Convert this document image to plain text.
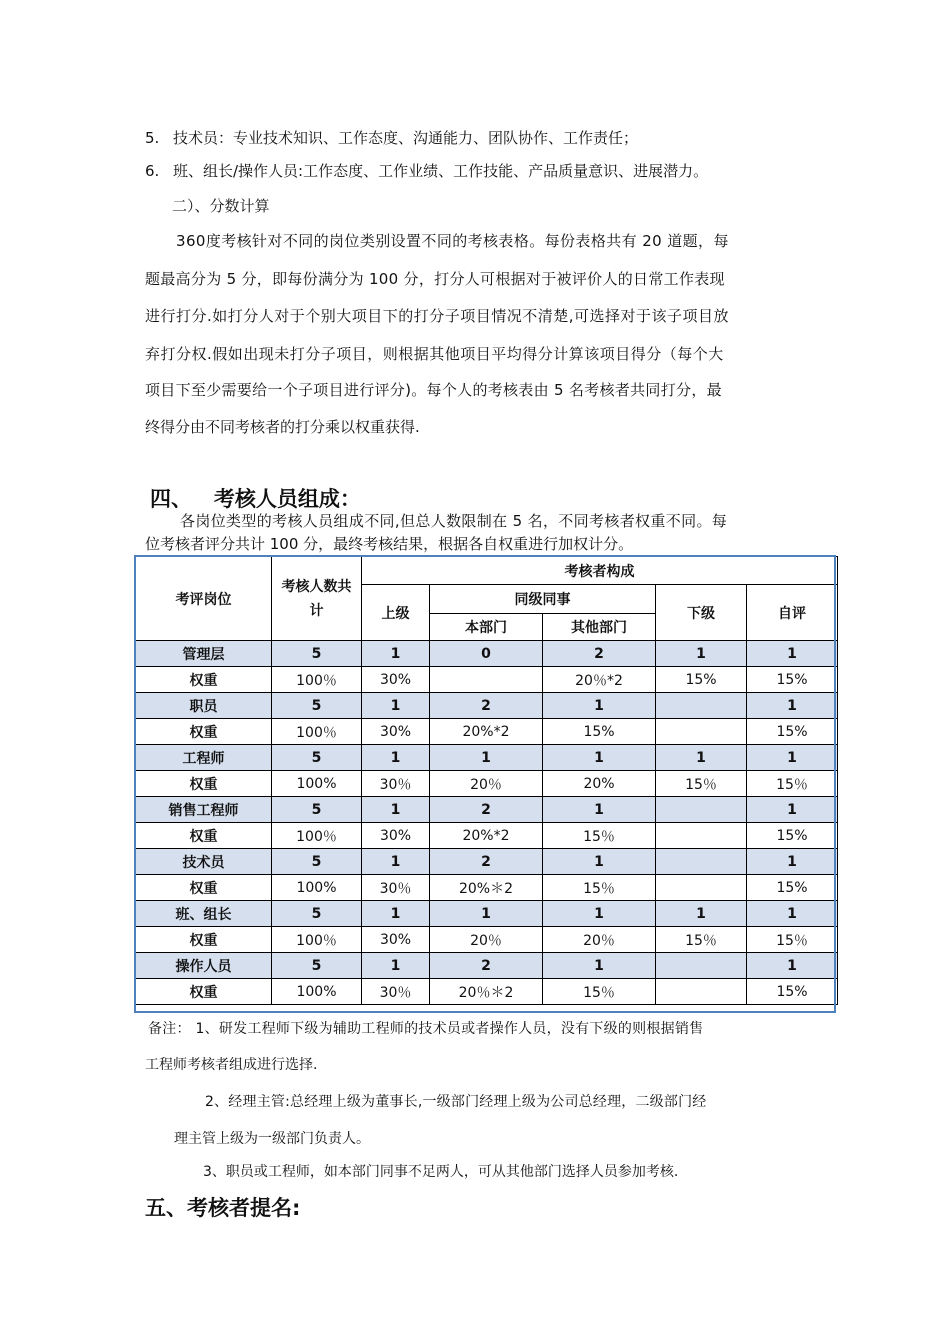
5. 技术员：专业技术知识、工作态度、沟通能力、团队协作、工作责任；
6. 班、组长/操作人员:工作态度、工作业绩、工作技能、产品质量意识、进展潜力。
二）、分数计算
360度考核针对不同的岗位类别设置不同的考核表格。每份表格共有 20 道题，每
题最高分为 5 分，即每份满分为 100 分，打分人可根据对于被评价人的日常工作表现
进行打分.如打分人对于个别大项目下的打分子项目情况不清楚,可选择对于该子项目放
弃打分权.假如出现未打分子项目，则根据其他项目平均得分计算该项目得分（每个大
项目下至少需要给一个子项目进行评分)。每个人的考核表由 5 名考核者共同打分，最
终得分由不同考核者的打分乘以权重获得.
四、   考核人员组成：
各岗位类型的考核人员组成不同,但总人数限制在 5 名，不同考核者权重不同。每
位考核者评分共计 100 分，最终考核结果，根据各自权重进行加权计分。
考评岗位	考核人数共计	考核者构成				
		上级	同级同事		下级	自评
			本部门	其他部门		
管理层	5	1	0	2	1	1
权重	100％	30%		20％*2	15%	15%
职员	5	1	2	1		1
权重	100％	30%	20%*2	15%		15%
工程师	5	1	1	1	1	1
权重	100%	30％	20％	20%	15％	15％
销售工程师	5	1	2	1		1
权重	100％	30%	20%*2	15％		15%
技术员	5	1	2	1		1
权重	100%	30％	20%＊2	15％		15%
班、组长	5	1	1	1	1	1
权重	100％	30%	20％	20％	15％	15％
操作人员	5	1	2	1		1
权重	100%	30％	20％＊2	15％		15%
备注： 1、研发工程师下级为辅助工程师的技术员或者操作人员，没有下级的则根据销售
工程师考核者组成进行选择.
2、经理主管:总经理上级为董事长,一级部门经理上级为公司总经理，二级部门经
理主管上级为一级部门负责人。
3、职员或工程师，如本部门同事不足两人，可从其他部门选择人员参加考核.
五、考核者提名:
